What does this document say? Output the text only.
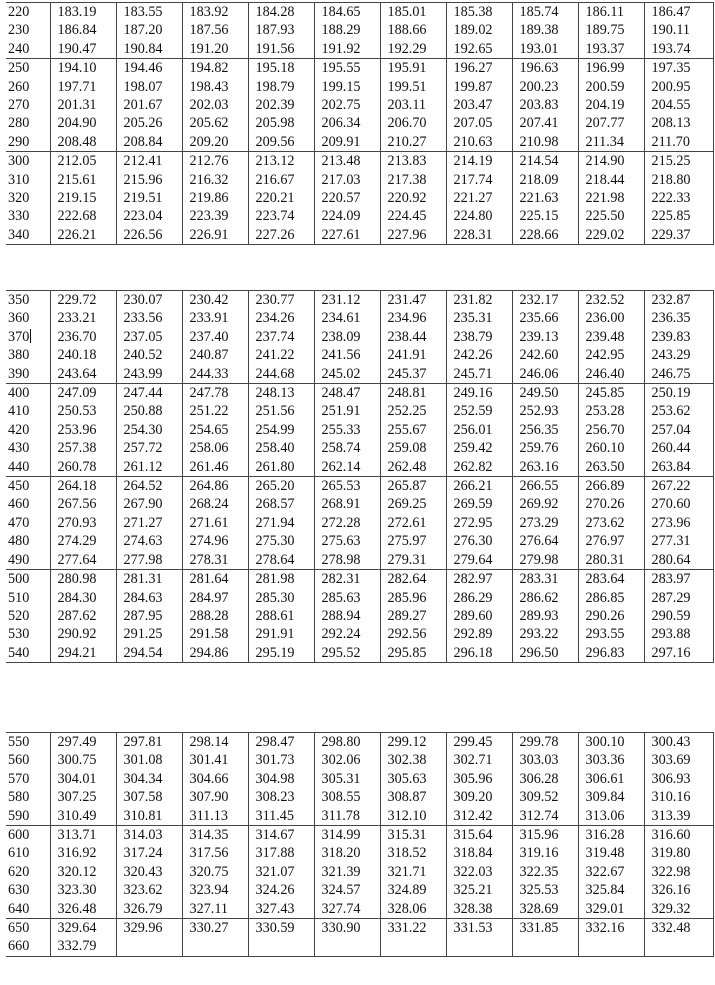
220	183.19	183.55	183.92	184.28	184.65	185.01	185.38	185.74	186.11	186.47
230	186.84	187.20	187.56	187.93	188.29	188.66	189.02	189.38	189.75	190.11
240	190.47	190.84	191.20	191.56	191.92	192.29	192.65	193.01	193.37	193.74
250	194.10	194.46	194.82	195.18	195.55	195.91	196.27	196.63	196.99	197.35
260	197.71	198.07	198.43	198.79	199.15	199.51	199.87	200.23	200.59	200.95
270	201.31	201.67	202.03	202.39	202.75	203.11	203.47	203.83	204.19	204.55
280	204.90	205.26	205.62	205.98	206.34	206.70	207.05	207.41	207.77	208.13
290	208.48	208.84	209.20	209.56	209.91	210.27	210.63	210.98	211.34	211.70
300	212.05	212.41	212.76	213.12	213.48	213.83	214.19	214.54	214.90	215.25
310	215.61	215.96	216.32	216.67	217.03	217.38	217.74	218.09	218.44	218.80
320	219.15	219.51	219.86	220.21	220.57	220.92	221.27	221.63	221.98	222.33
330	222.68	223.04	223.39	223.74	224.09	224.45	224.80	225.15	225.50	225.85
340	226.21	226.56	226.91	227.26	227.61	227.96	228.31	228.66	229.02	229.37
350	229.72	230.07	230.42	230.77	231.12	231.47	231.82	232.17	232.52	232.87
360	233.21	233.56	233.91	234.26	234.61	234.96	235.31	235.66	236.00	236.35
370	236.70	237.05	237.40	237.74	238.09	238.44	238.79	239.13	239.48	239.83
380	240.18	240.52	240.87	241.22	241.56	241.91	242.26	242.60	242.95	243.29
390	243.64	243.99	244.33	244.68	245.02	245.37	245.71	246.06	246.40	246.75
400	247.09	247.44	247.78	248.13	248.47	248.81	249.16	249.50	245.85	250.19
410	250.53	250.88	251.22	251.56	251.91	252.25	252.59	252.93	253.28	253.62
420	253.96	254.30	254.65	254.99	255.33	255.67	256.01	256.35	256.70	257.04
430	257.38	257.72	258.06	258.40	258.74	259.08	259.42	259.76	260.10	260.44
440	260.78	261.12	261.46	261.80	262.14	262.48	262.82	263.16	263.50	263.84
450	264.18	264.52	264.86	265.20	265.53	265.87	266.21	266.55	266.89	267.22
460	267.56	267.90	268.24	268.57	268.91	269.25	269.59	269.92	270.26	270.60
470	270.93	271.27	271.61	271.94	272.28	272.61	272.95	273.29	273.62	273.96
480	274.29	274.63	274.96	275.30	275.63	275.97	276.30	276.64	276.97	277.31
490	277.64	277.98	278.31	278.64	278.98	279.31	279.64	279.98	280.31	280.64
500	280.98	281.31	281.64	281.98	282.31	282.64	282.97	283.31	283.64	283.97
510	284.30	284.63	284.97	285.30	285.63	285.96	286.29	286.62	286.85	287.29
520	287.62	287.95	288.28	288.61	288.94	289.27	289.60	289.93	290.26	290.59
530	290.92	291.25	291.58	291.91	292.24	292.56	292.89	293.22	293.55	293.88
540	294.21	294.54	294.86	295.19	295.52	295.85	296.18	296.50	296.83	297.16
550	297.49	297.81	298.14	298.47	298.80	299.12	299.45	299.78	300.10	300.43
560	300.75	301.08	301.41	301.73	302.06	302.38	302.71	303.03	303.36	303.69
570	304.01	304.34	304.66	304.98	305.31	305.63	305.96	306.28	306.61	306.93
580	307.25	307.58	307.90	308.23	308.55	308.87	309.20	309.52	309.84	310.16
590	310.49	310.81	311.13	311.45	311.78	312.10	312.42	312.74	313.06	313.39
600	313.71	314.03	314.35	314.67	314.99	315.31	315.64	315.96	316.28	316.60
610	316.92	317.24	317.56	317.88	318.20	318.52	318.84	319.16	319.48	319.80
620	320.12	320.43	320.75	321.07	321.39	321.71	322.03	322.35	322.67	322.98
630	323.30	323.62	323.94	324.26	324.57	324.89	325.21	325.53	325.84	326.16
640	326.48	326.79	327.11	327.43	327.74	328.06	328.38	328.69	329.01	329.32
650	329.64	329.96	330.27	330.59	330.90	331.22	331.53	331.85	332.16	332.48
660	332.79									
